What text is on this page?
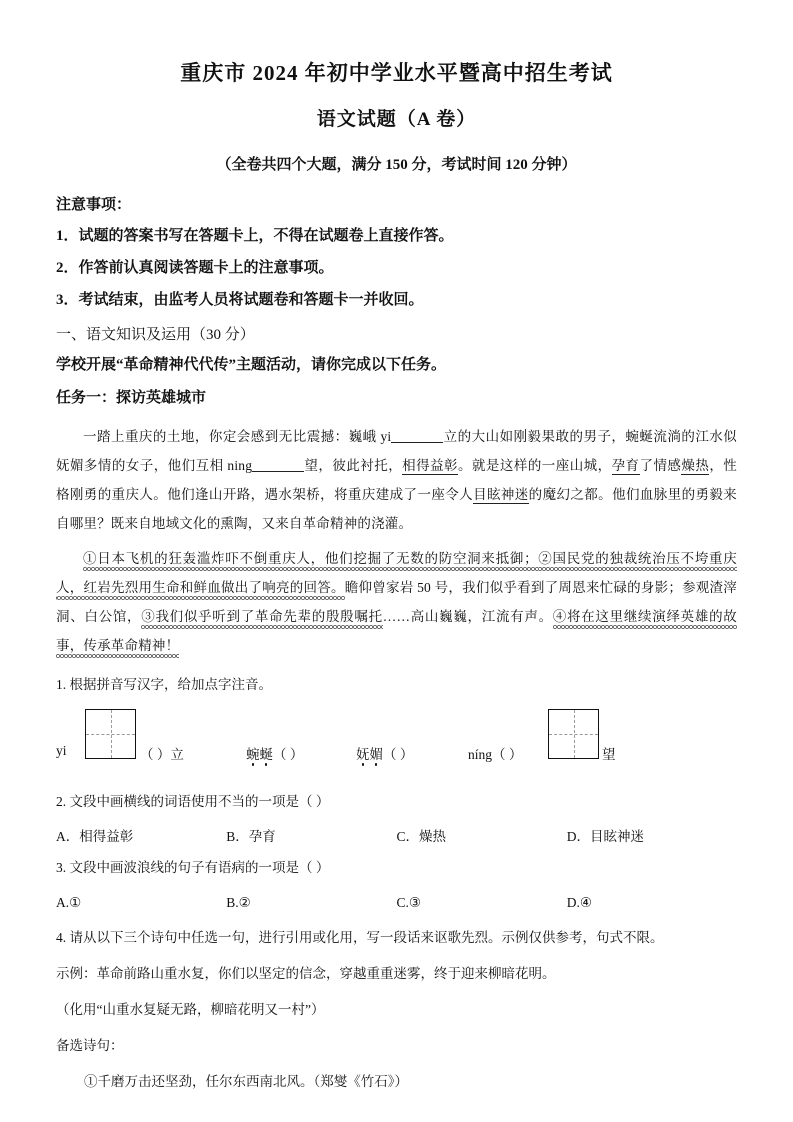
重庆市 2024 年初中学业水平暨高中招生考试
语文试题（A 卷）

（全卷共四个大题，满分 150 分，考试时间 120 分钟）

注意事项：

1．试题的答案书写在答题卡上，不得在试题卷上直接作答。

2．作答前认真阅读答题卡上的注意事项。

3．考试结束，由监考人员将试题卷和答题卡一并收回。

一、语文知识及运用（30 分）

学校开展“革命精神代代传”主题活动，请你完成以下任务。

任务一：探访英雄城市

一踏上重庆的土地，你定会感到无比震撼：巍峨 yi	立的大山如刚毅果敢的男子，蜿蜒流淌的江水似妩媚多情的女子，他们互相 ning	望，彼此衬托，相得益彰。就是这样的一座山城，孕育了情感燥热，性格刚勇的重庆人。他们逢山开路，遇水架桥，将重庆建成了一座令人目眩神迷的魔幻之都。他们血脉里的勇毅来自哪里？既来自地域文化的熏陶，又来自革命精神的浇灌。

①日本飞机的狂轰滥炸吓不倒重庆人，他们挖掘了无数的防空洞来抵御；②国民党的独裁统治压不垮重庆人，红岩先烈用生命和鲜血做出了响亮的回答。瞻仰曾家岩 50 号，我们似乎看到了周恩来忙碌的身影；参观渣滓洞、白公馆，③我们似乎听到了革命先辈的殷殷嘱托……高山巍巍，江流有声。④将在这里继续演绎英雄的故事，传承革命精神！

1. 根据拼音写汉字，给加点字注音。

yi	（ ）立	蜿蜒（ ）	妩媚（ ）	níng（ ）	望

2. 文段中画横线的词语使用不当的一项是（ ）

A．相得益彰	B．孕育	C．燥热	D．目眩神迷

3. 文段中画波浪线的句子有语病的一项是（ ）

A.①	B.②	C.③	D.④

4. 请从以下三个诗句中任选一句，进行引用或化用，写一段话来讴歌先烈。示例仅供参考，句式不限。

示例：革命前路山重水复，你们以坚定的信念，穿越重重迷雾，终于迎来柳暗花明。

（化用“山重水复疑无路，柳暗花明又一村”）

备选诗句：

①千磨万击还坚劲，任尔东西南北风。（郑燮《竹石》）
